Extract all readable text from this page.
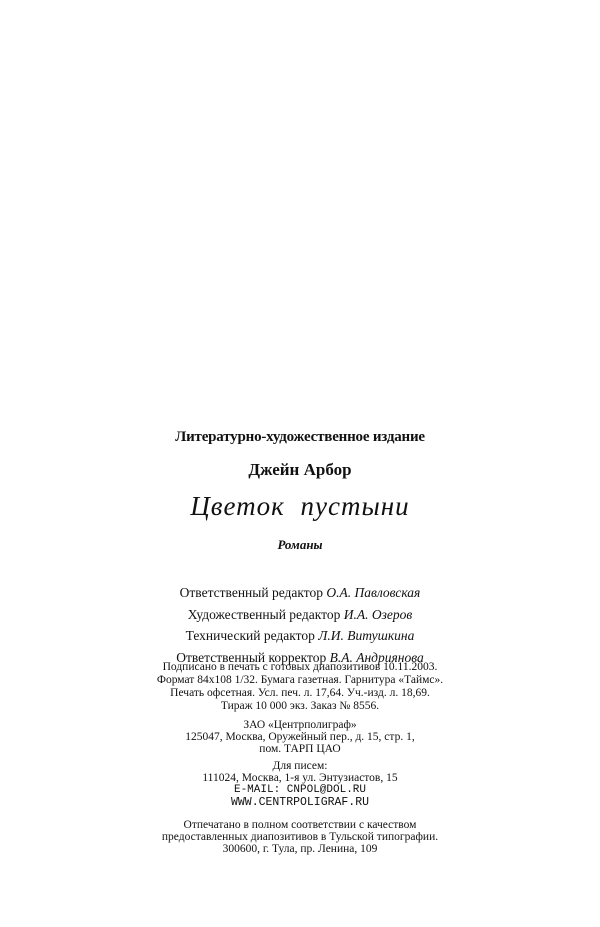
Литературно-художественное издание
Джейн Арбор
Цветок пустыни
Романы
Ответственный редактор О.А. Павловская
Художественный редактор И.А. Озеров
Технический редактор Л.И. Витушкина
Ответственный корректор В.А. Андриянова
Подписано в печать с готовых диапозитивов 10.11.2003.
Формат 84x108 1/32. Бумага газетная. Гарнитура «Таймс».
Печать офсетная. Усл. печ. л. 17,64. Уч.-изд. л. 18,69.
Тираж 10 000 экз. Заказ № 8556.
ЗАО «Центрполиграф»
125047, Москва, Оружейный пер., д. 15, стр. 1,
пом. ТАРП ЦАО
Для писем:
111024, Москва, 1-я ул. Энтузиастов, 15
E-MAIL: CNPOL@DOL.RU
WWW.CENTRPOLIGRAF.RU
Отпечатано в полном соответствии с качеством
предоставленных диапозитивов в Тульской типографии.
300600, г. Тула, пр. Ленина, 109
